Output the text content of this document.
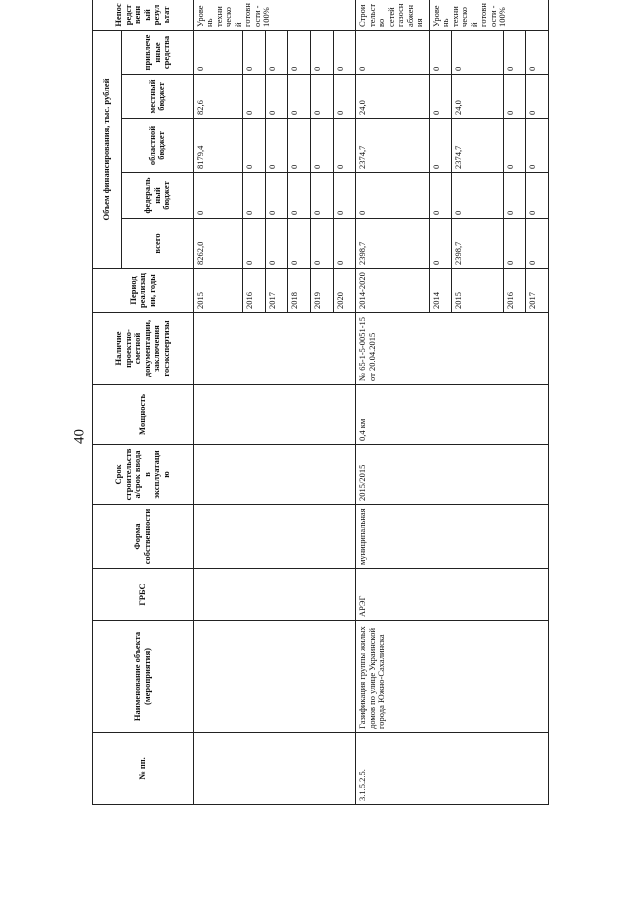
40
№ пп.	Наименование объекта (мероприятия)	ГРБС	Форма собственности	Срок строительства/срок ввода в эксплуатацию	Мощность	Наличие проектно-сметной документации, заключения госэкспертизы	Период реализации, годы	Объем финансирования, тыс. рублей					Непосредственный результат
								всего	федеральный бюджет	областной бюджет	местный бюджет	привлеченные средства	
							2015	8262,0	0	8179,4	82,6	0	Уровень технической готовности - 100%
							2016	0	0	0	0	0	
							2017	0	0	0	0	0	
							2018	0	0	0	0	0	
							2019	0	0	0	0	0	
							2020	0	0	0	0	0	
3.1.5.2.5.	Газификация группы жилых домов по улице Украинской города Южно-Сахалинска	АРЭГ	муниципальная	2015/2015	0,4 км	№ 65-1-5-0051-15 от 20.04.2015	2014-2020	2398,7	0	2374,7	24,0	0	Строительство сетей газоснабжения
							2014	0	0	0	0	0	Уровень технической готовности - 100%
							2015	2398,7	0	2374,7	24,0	0	
							2016	0	0	0	0	0	
							2017	0	0	0	0	0	
